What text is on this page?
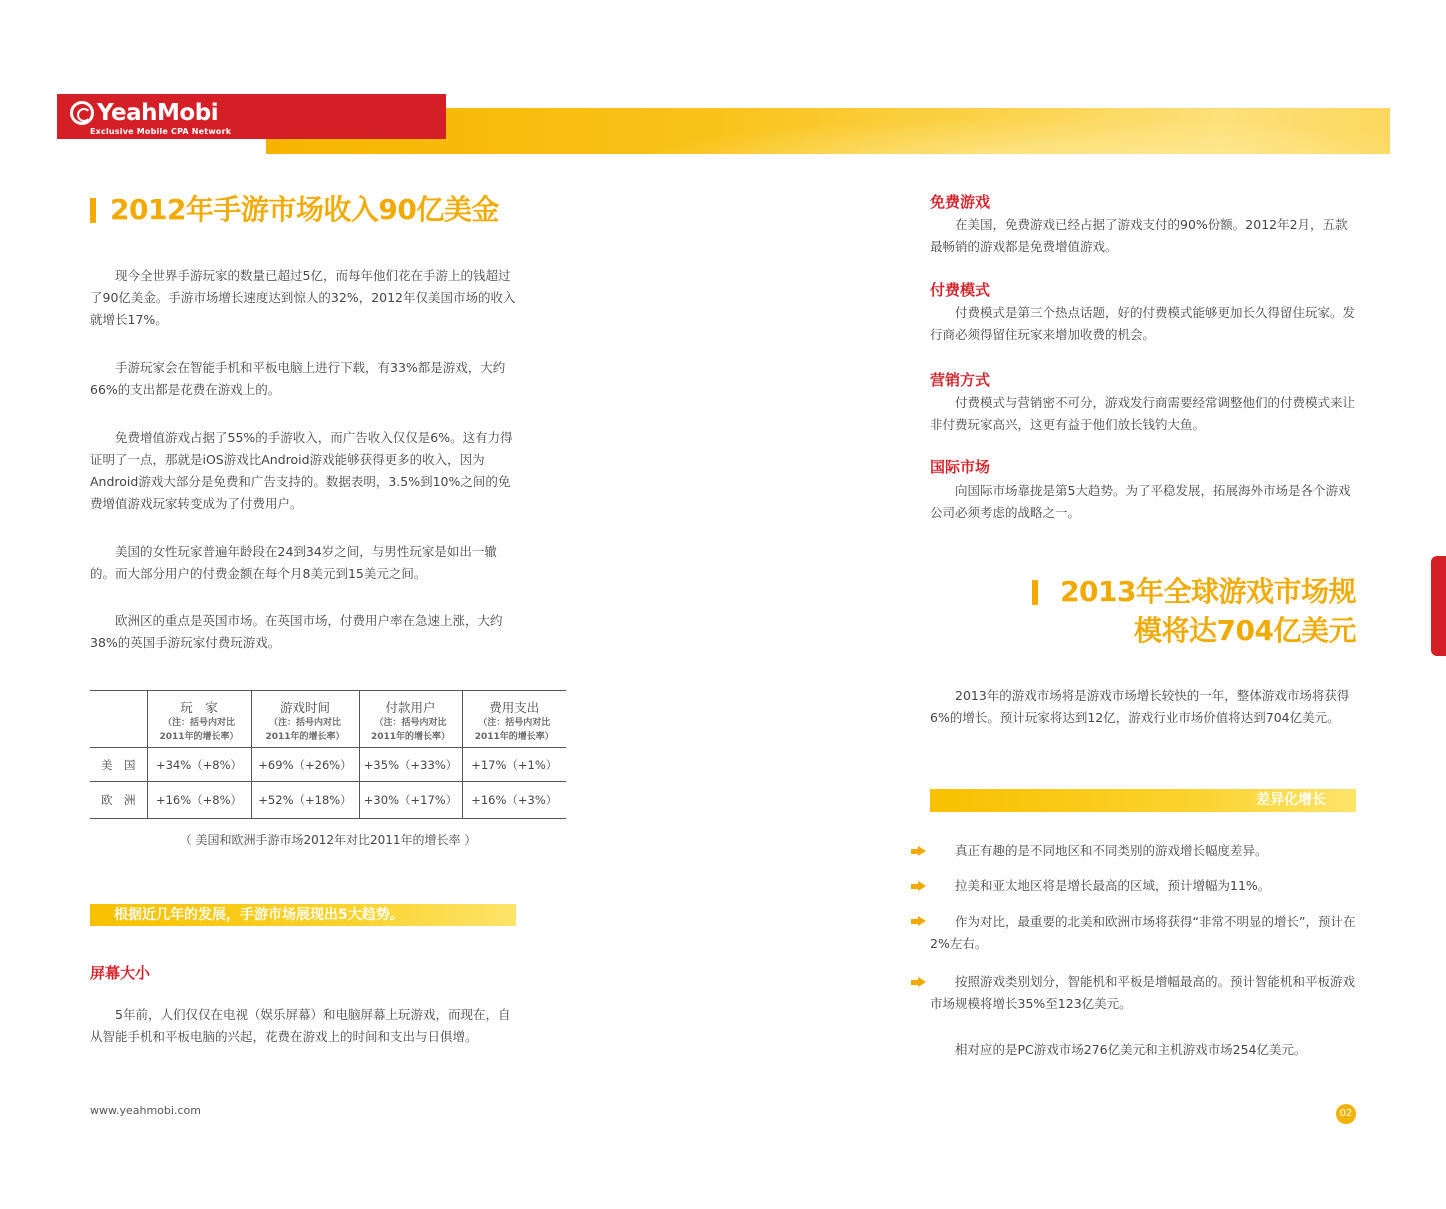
YeahMobi
Exclusive Mobile CPA Network
2012年手游市场收入90亿美金
现今全世界手游玩家的数量已超过5亿，而每年他们花在手游上的钱超过了90亿美金。手游市场增长速度达到惊人的32%，2012年仅美国市场的收入就增长17%。
手游玩家会在智能手机和平板电脑上进行下载，有33%都是游戏，大约66%的支出都是花费在游戏上的。
免费增值游戏占据了55%的手游收入，而广告收入仅仅是6%。这有力得证明了一点，那就是iOS游戏比Android游戏能够获得更多的收入，因为Android游戏大部分是免费和广告支持的。数据表明，3.5%到10%之间的免费增值游戏玩家转变成为了付费用户。
美国的女性玩家普遍年龄段在24到34岁之间，与男性玩家是如出一辙的。而大部分用户的付费金额在每个月8美元到15美元之间。
欧洲区的重点是英国市场。在英国市场，付费用户率在急速上涨，大约38%的英国手游玩家付费玩游戏。

	玩　家
（注：括号内对比
2011年的增长率）	游戏时间
（注：括号内对比
2011年的增长率）	付款用户
（注：括号内对比
2011年的增长率）	费用支出
（注：括号内对比
2011年的增长率）

美　国	+34%（+8%）	+69%（+26%）	+35%（+33%）	+17%（+1%）
欧　洲	+16%（+8%）	+52%（+18%）	+30%（+17%）	+16%（+3%）
（ 美国和欧洲手游市场2012年对比2011年的增长率 ）
根据近几年的发展，手游市场展现出5大趋势。
屏幕大小
5年前，人们仅仅在电视（娱乐屏幕）和电脑屏幕上玩游戏，而现在，自从智能手机和平板电脑的兴起，花费在游戏上的时间和支出与日俱增。
www.yeahmobi.com
免费游戏
在美国，免费游戏已经占据了游戏支付的90%份额。2012年2月，五款最畅销的游戏都是免费增值游戏。
付费模式
付费模式是第三个热点话题，好的付费模式能够更加长久得留住玩家。发行商必须得留住玩家来增加收费的机会。
营销方式
付费模式与营销密不可分，游戏发行商需要经常调整他们的付费模式来让非付费玩家高兴，这更有益于他们放长钱钓大鱼。
国际市场
向国际市场靠拢是第5大趋势。为了平稳发展，拓展海外市场是各个游戏公司必须考虑的战略之一。
2013年全球游戏市场规
模将达704亿美元
2013年的游戏市场将是游戏市场增长较快的一年，整体游戏市场将获得6%的增长。预计玩家将达到12亿，游戏行业市场价值将达到704亿美元。
差异化增长
真正有趣的是不同地区和不同类别的游戏增长幅度差异。
拉美和亚太地区将是增长最高的区域，预计增幅为11%。
作为对比，最重要的北美和欧洲市场将获得“非常不明显的增长”，预计在2%左右。
按照游戏类别划分，智能机和平板是增幅最高的。预计智能机和平板游戏市场规模将增长35%至123亿美元。
相对应的是PC游戏市场276亿美元和主机游戏市场254亿美元。
02
